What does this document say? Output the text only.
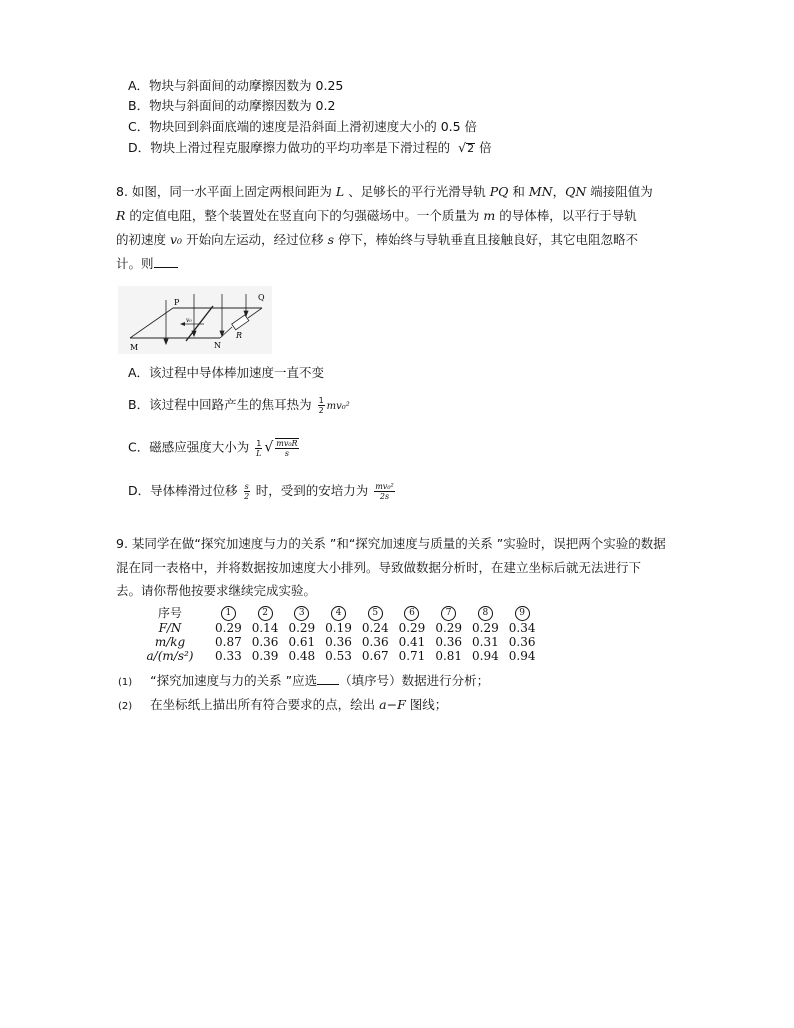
A．物块与斜面间的动摩擦因数为 0.25
B．物块与斜面间的动摩擦因数为 0.2
C．物块回到斜面底端的速度是沿斜面上滑初速度大小的 0.5 倍
D．物块上滑过程克服摩擦力做功的平均功率是下滑过程的  √2 倍
8. 如图，同一水平面上固定两根间距为 L 、足够长的平行光滑导轨 PQ 和 MN，QN 端接阻值为
R 的定值电阻，整个装置处在竖直向下的匀强磁场中。一个质量为 m 的导体棒，以平行于导轨
的初速度 v₀ 开始向左运动，经过位移 s 停下，棒始终与导轨垂直且接触良好，其它电阻忽略不
计。则
P
Q
M	N
R
v₀
A．该过程中导体棒加速度一直不变
B．该过程中回路产生的焦耳热为 $\frac{1}{2} mv_0^2$
C．磁感应强度大小为 $\frac{1}{L}$ √ $\frac{\text{mv₀R}}{s}$
D．导体棒滑过位移 $\frac{s}{2}$ 时，受到的安培力为 $\frac{\text{mv₀²}}{2s}$
9. 某同学在做“探究加速度与力的关系 ”和“探究加速度与质量的关系 ”实验时，误把两个实验的数据
混在同一表格中，并将数据按加速度大小排列。导致做数据分析时，在建立坐标后就无法进行下
去。请你帮他按要求继续完成实验。
序号	1	2	3	4	5	6	7	8	9
F/N	0.29	0.14	0.29	0.19	0.24	0.29	0.29	0.29	0.34
m/kg	0.87	0.36	0.61	0.36	0.36	0.41	0.36	0.31	0.36
a/(m/s²)	0.33	0.39	0.48	0.53	0.67	0.71	0.81	0.94	0.94
(1) “探究加速度与力的关系 ”应选 （填序号）数据进行分析；
(2) 在坐标纸上描出所有符合要求的点，绘出 a−F 图线；
